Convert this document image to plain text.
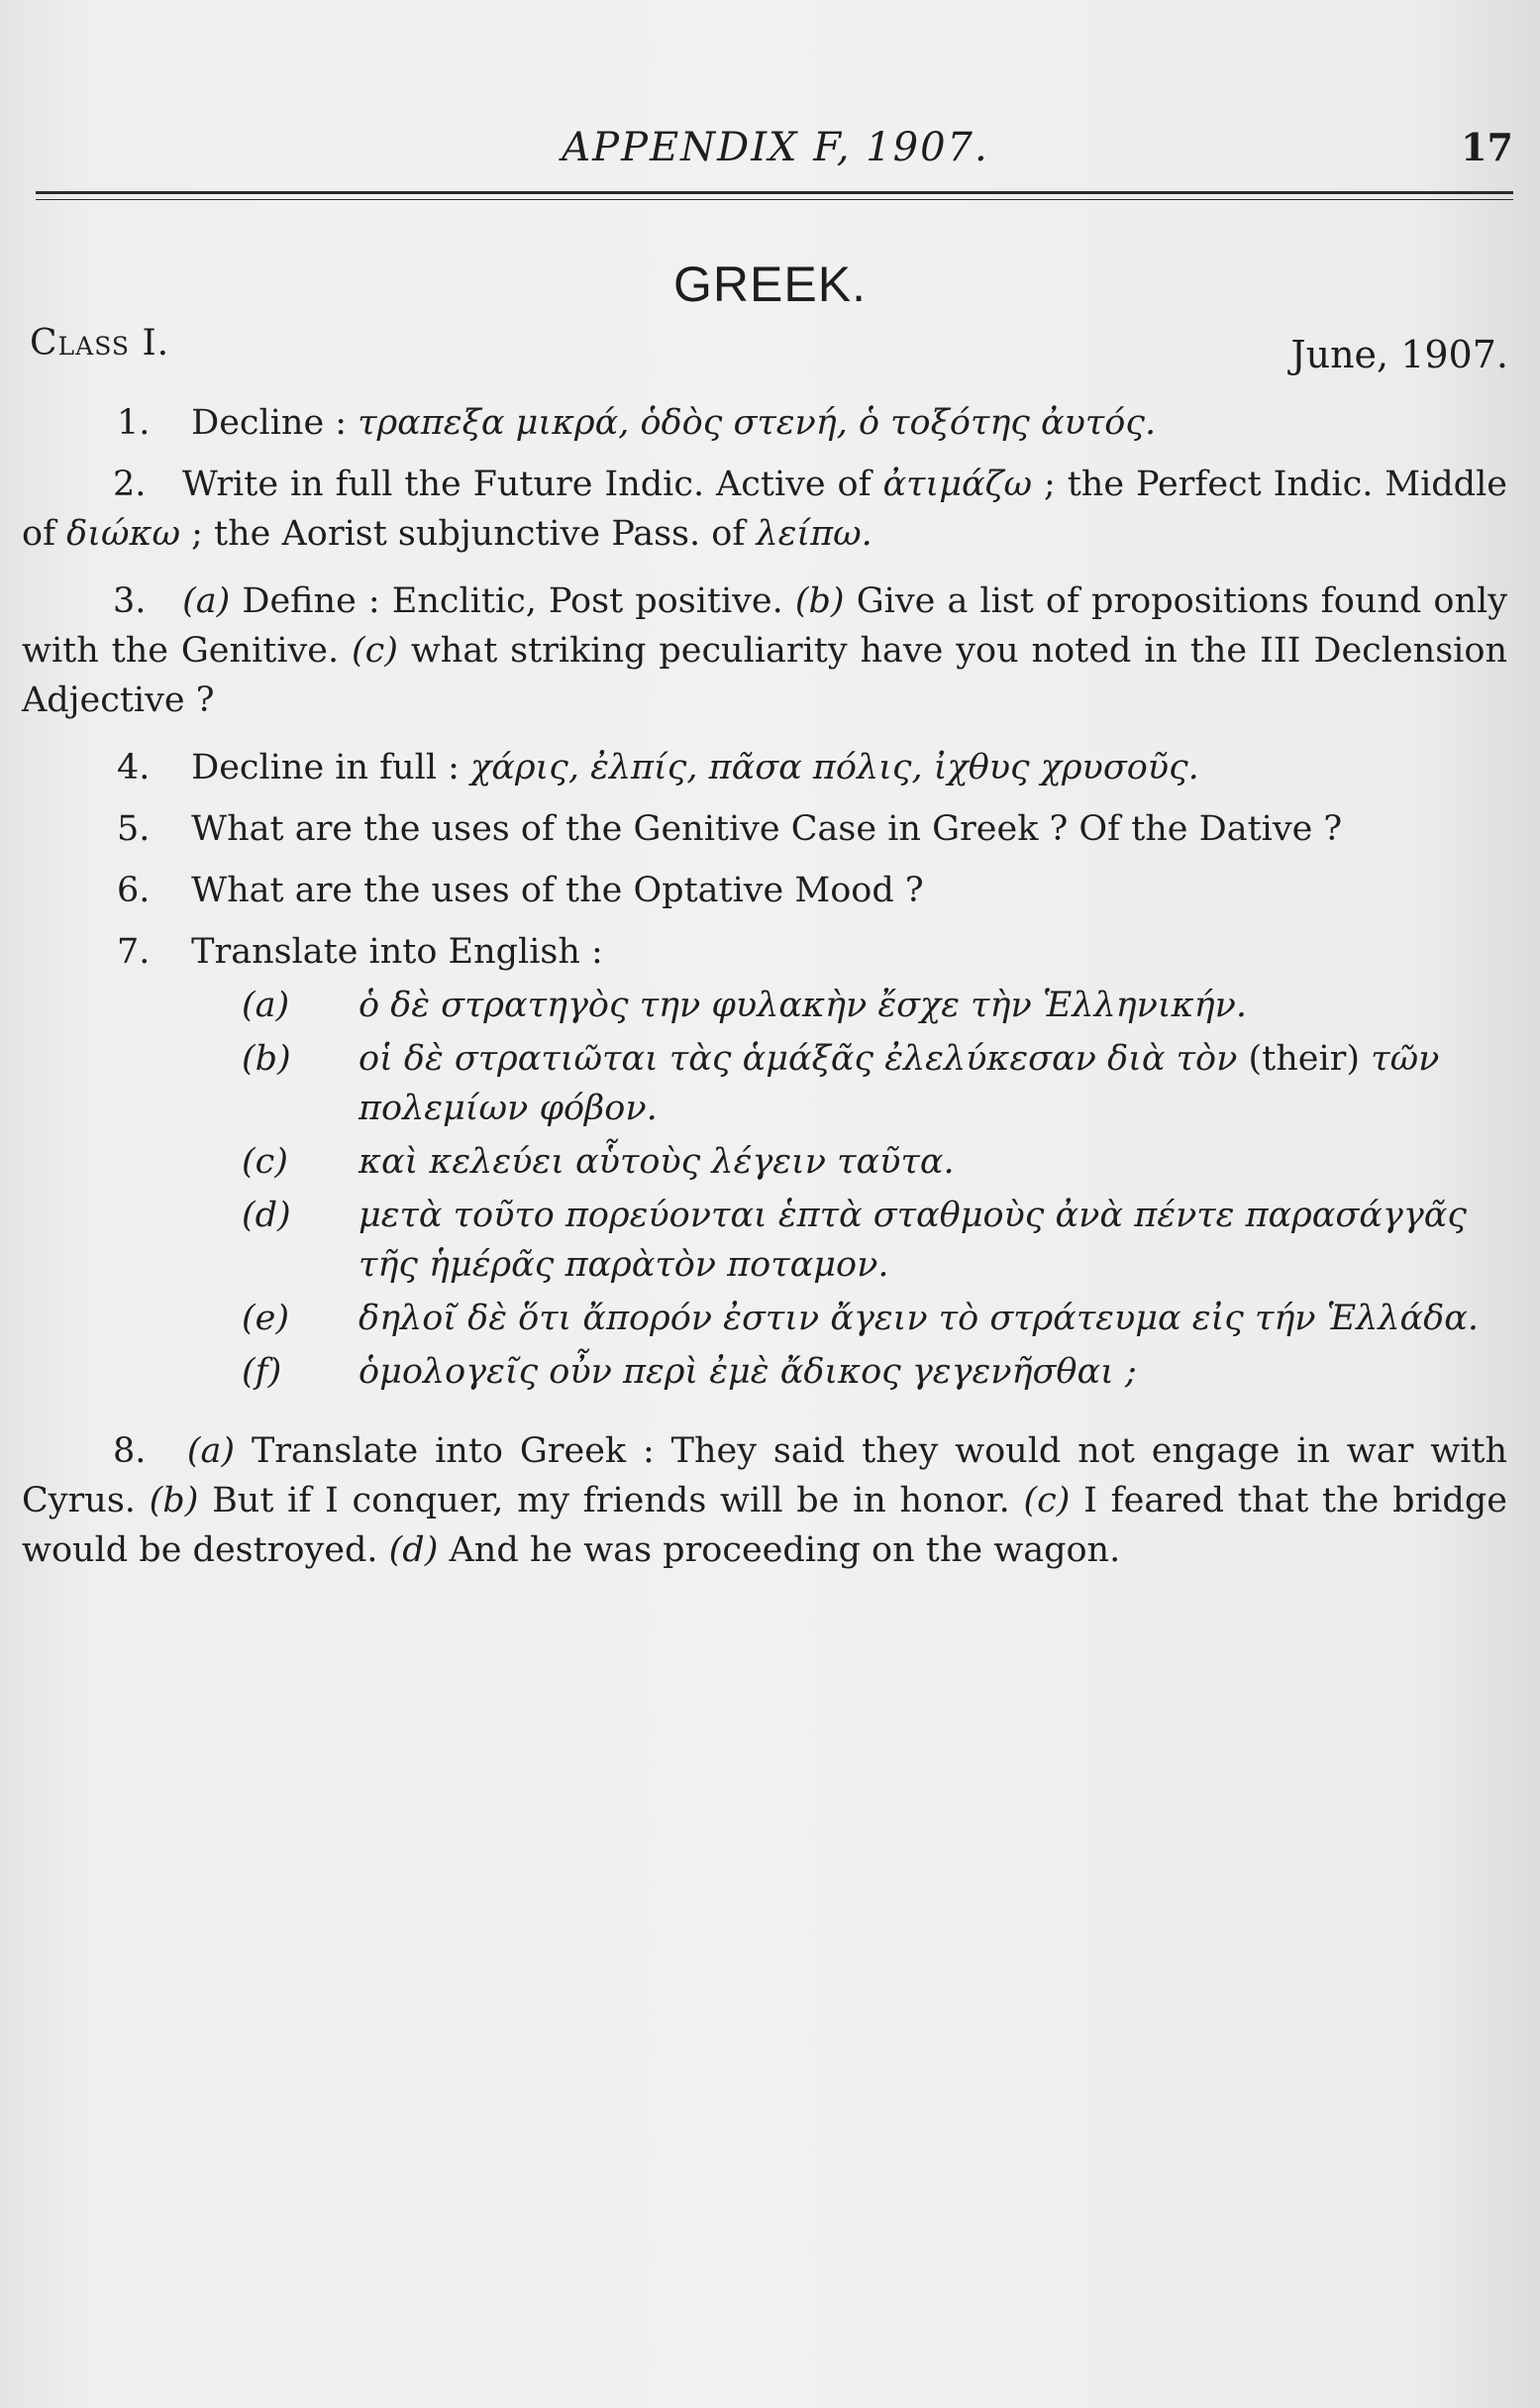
APPENDIX F, 1907.	17
GREEK.
Class I.	June, 1907.

1. Decline : τραπεξα μικρά, ὁδὸς στενή, ὁ τοξότης ἀυτός.

2. Write in full the Future Indic. Active of ἀτιμάζω ; the Perfect Indic. Middle of διώκω ; the Aorist subjunctive Pass. of λείπω.

3. (a) Define : Enclitic, Post positive. (b) Give a list of propositions found only with the Genitive. (c) what striking peculiarity have you noted in the III Declension Adjective ?

4. Decline in full : χάρις, ἐλπίς, πᾶσα πόλις, ἰχθυς χρυσοῦς.

5. What are the uses of the Genitive Case in Greek ? Of the Dative ?

6. What are the uses of the Optative Mood ?

7. Translate into English :

(a) ὁ δὲ στρατηγὸς την φυλακὴν ἔσχε τὴν Ἑλληνικήν.
(b) οἱ δὲ στρατιῶται τὰς ἁμάξᾶς ἐλελύκεσαν διὰ τὸν (their) τῶν πολεμίων φόβον.
(c) καὶ κελεύει αὗτοὺς λέγειν ταῦτα.
(d) μετὰ τοῦτο πορεύονται ἑπτὰ σταθμοὺς ἀνὰ πέντε παρασάγγᾶς τῆς ἡμέρᾶς παρὰτὸν ποταμον.
(e) δηλοῖ δὲ ὅτι ἄπορόν ἐστιν ἄγειν τὸ στράτευμα εἰς τήν Ἑλλάδα.
(f) ὁμολογεῖς οὖν περὶ ἐμὲ ἄδικος γεγενῆσθαι ;

8. (a) Translate into Greek : They said they would not engage in war with Cyrus. (b) But if I conquer, my friends will be in honor. (c) I feared that the bridge would be destroyed. (d) And he was proceeding on the wagon.
